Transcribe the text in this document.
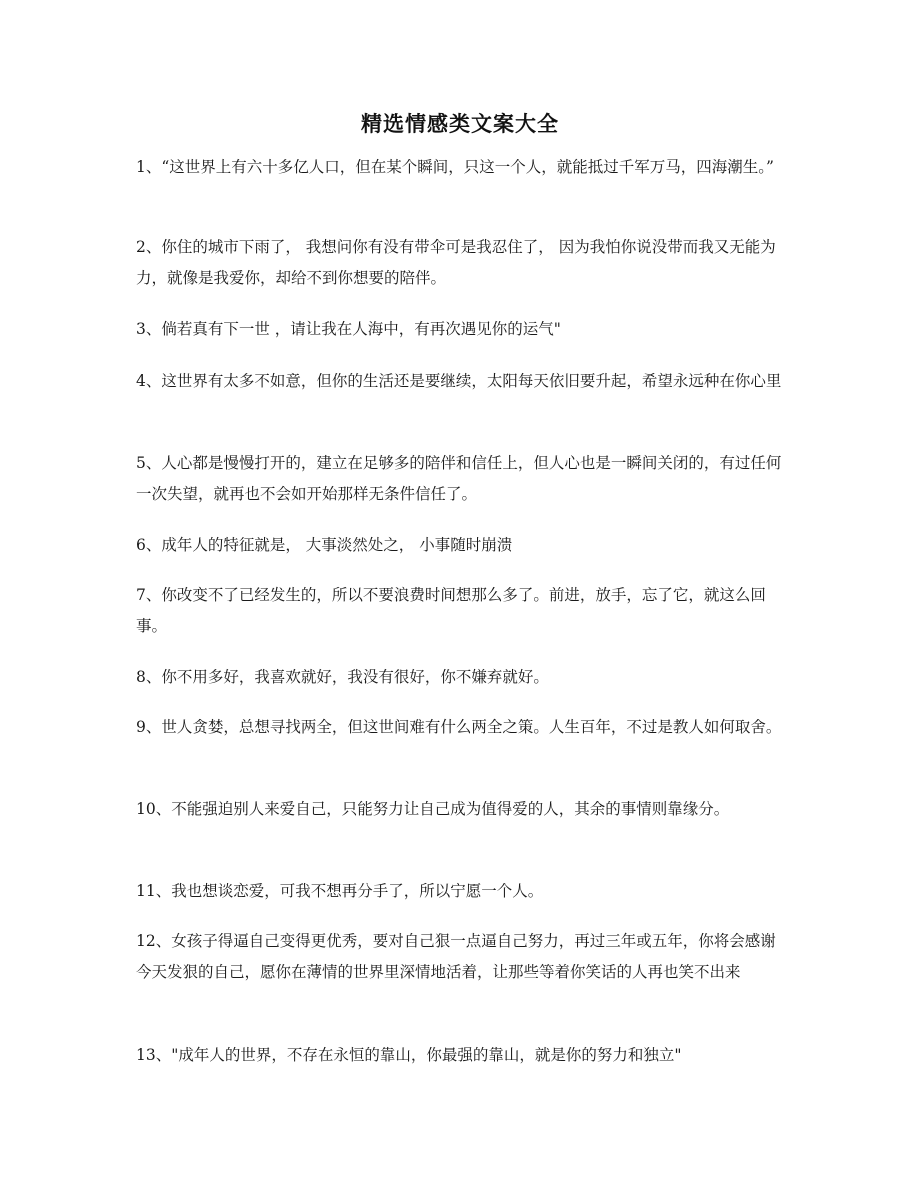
精选情感类文案大全
1、“这世界上有六十多亿人口，但在某个瞬间，只这一个人，就能抵过千军万马，四海潮生。”
2、你住的城市下雨了， 我想问你有没有带伞可是我忍住了， 因为我怕你说没带而我又无能为力，就像是我爱你，却给不到你想要的陪伴。
3、倘若真有下一世 ，请让我在人海中，有再次遇见你的运气"
4、这世界有太多不如意，但你的生活还是要继续，太阳每天依旧要升起，希望永远种在你心里
5、人心都是慢慢打开的，建立在足够多的陪伴和信任上，但人心也是一瞬间关闭的，有过任何一次失望，就再也不会如开始那样无条件信任了。
6、成年人的特征就是， 大事淡然处之， 小事随时崩溃
7、你改变不了已经发生的，所以不要浪费时间想那么多了。前进，放手，忘了它，就这么回事。
8、你不用多好，我喜欢就好，我没有很好，你不嫌弃就好。
9、世人贪婪，总想寻找两全，但这世间难有什么两全之策。人生百年，不过是教人如何取舍。
10、不能强迫别人来爱自己，只能努力让自己成为值得爱的人，其余的事情则靠缘分。
11、我也想谈恋爱，可我不想再分手了，所以宁愿一个人。
12、女孩子得逼自己变得更优秀，要对自己狠一点逼自己努力，再过三年或五年，你将会感谢今天发狠的自己，愿你在薄情的世界里深情地活着，让那些等着你笑话的人再也笑不出来
13、"成年人的世界，不存在永恒的靠山，你最强的靠山，就是你的努力和独立"
